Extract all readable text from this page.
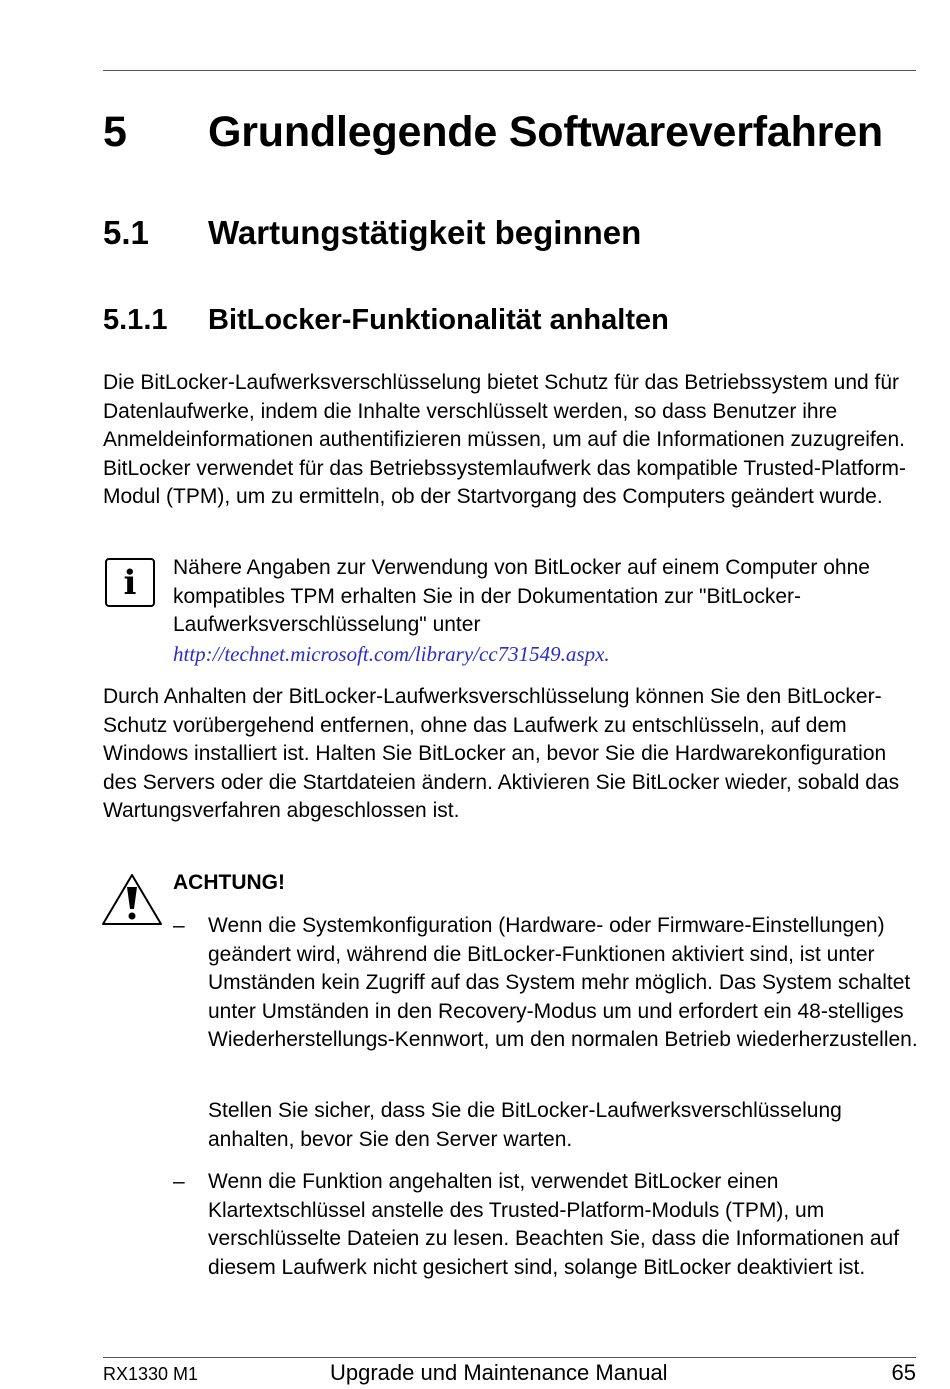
5 Grundlegende Softwareverfahren
5.1 Wartungstätigkeit beginnen
5.1.1 BitLocker-Funktionalität anhalten

Die BitLocker-Laufwerksverschlüsselung bietet Schutz für das Betriebssystem und für Datenlaufwerke, indem die Inhalte verschlüsselt werden, so dass Benutzer ihre Anmeldeinformationen authentifizieren müssen, um auf die Informationen zuzugreifen. BitLocker verwendet für das Betriebssystemlaufwerk das kompatible Trusted-Platform-Modul (TPM), um zu ermitteln, ob der Startvorgang des Computers geändert wurde.

i	Nähere Angaben zur Verwendung von BitLocker auf einem Computer ohne kompatibles TPM erhalten Sie in der Dokumentation zur "BitLocker-Laufwerksverschlüsselung" unter
http://technet.microsoft.com/library/cc731549.aspx.

Durch Anhalten der BitLocker-Laufwerksverschlüsselung können Sie den BitLocker-Schutz vorübergehend entfernen, ohne das Laufwerk zu entschlüsseln, auf dem Windows installiert ist. Halten Sie BitLocker an, bevor Sie die Hardwarekonfiguration des Servers oder die Startdateien ändern. Aktivieren Sie BitLocker wieder, sobald das Wartungsverfahren abgeschlossen ist.

ACHTUNG!
– Wenn die Systemkonfiguration (Hardware- oder Firmware-Einstellungen) geändert wird, während die BitLocker-Funktionen aktiviert sind, ist unter Umständen kein Zugriff auf das System mehr möglich. Das System schaltet unter Umständen in den Recovery-Modus um und erfordert ein 48-stelliges Wiederherstellungs-Kennwort, um den normalen Betrieb wiederherzustellen.
Stellen Sie sicher, dass Sie die BitLocker-Laufwerksverschlüsselung anhalten, bevor Sie den Server warten.
– Wenn die Funktion angehalten ist, verwendet BitLocker einen Klartextschlüssel anstelle des Trusted-Platform-Moduls (TPM), um verschlüsselte Dateien zu lesen. Beachten Sie, dass die Informationen auf diesem Laufwerk nicht gesichert sind, solange BitLocker deaktiviert ist.
RX1330 M1	Upgrade und Maintenance Manual	65
